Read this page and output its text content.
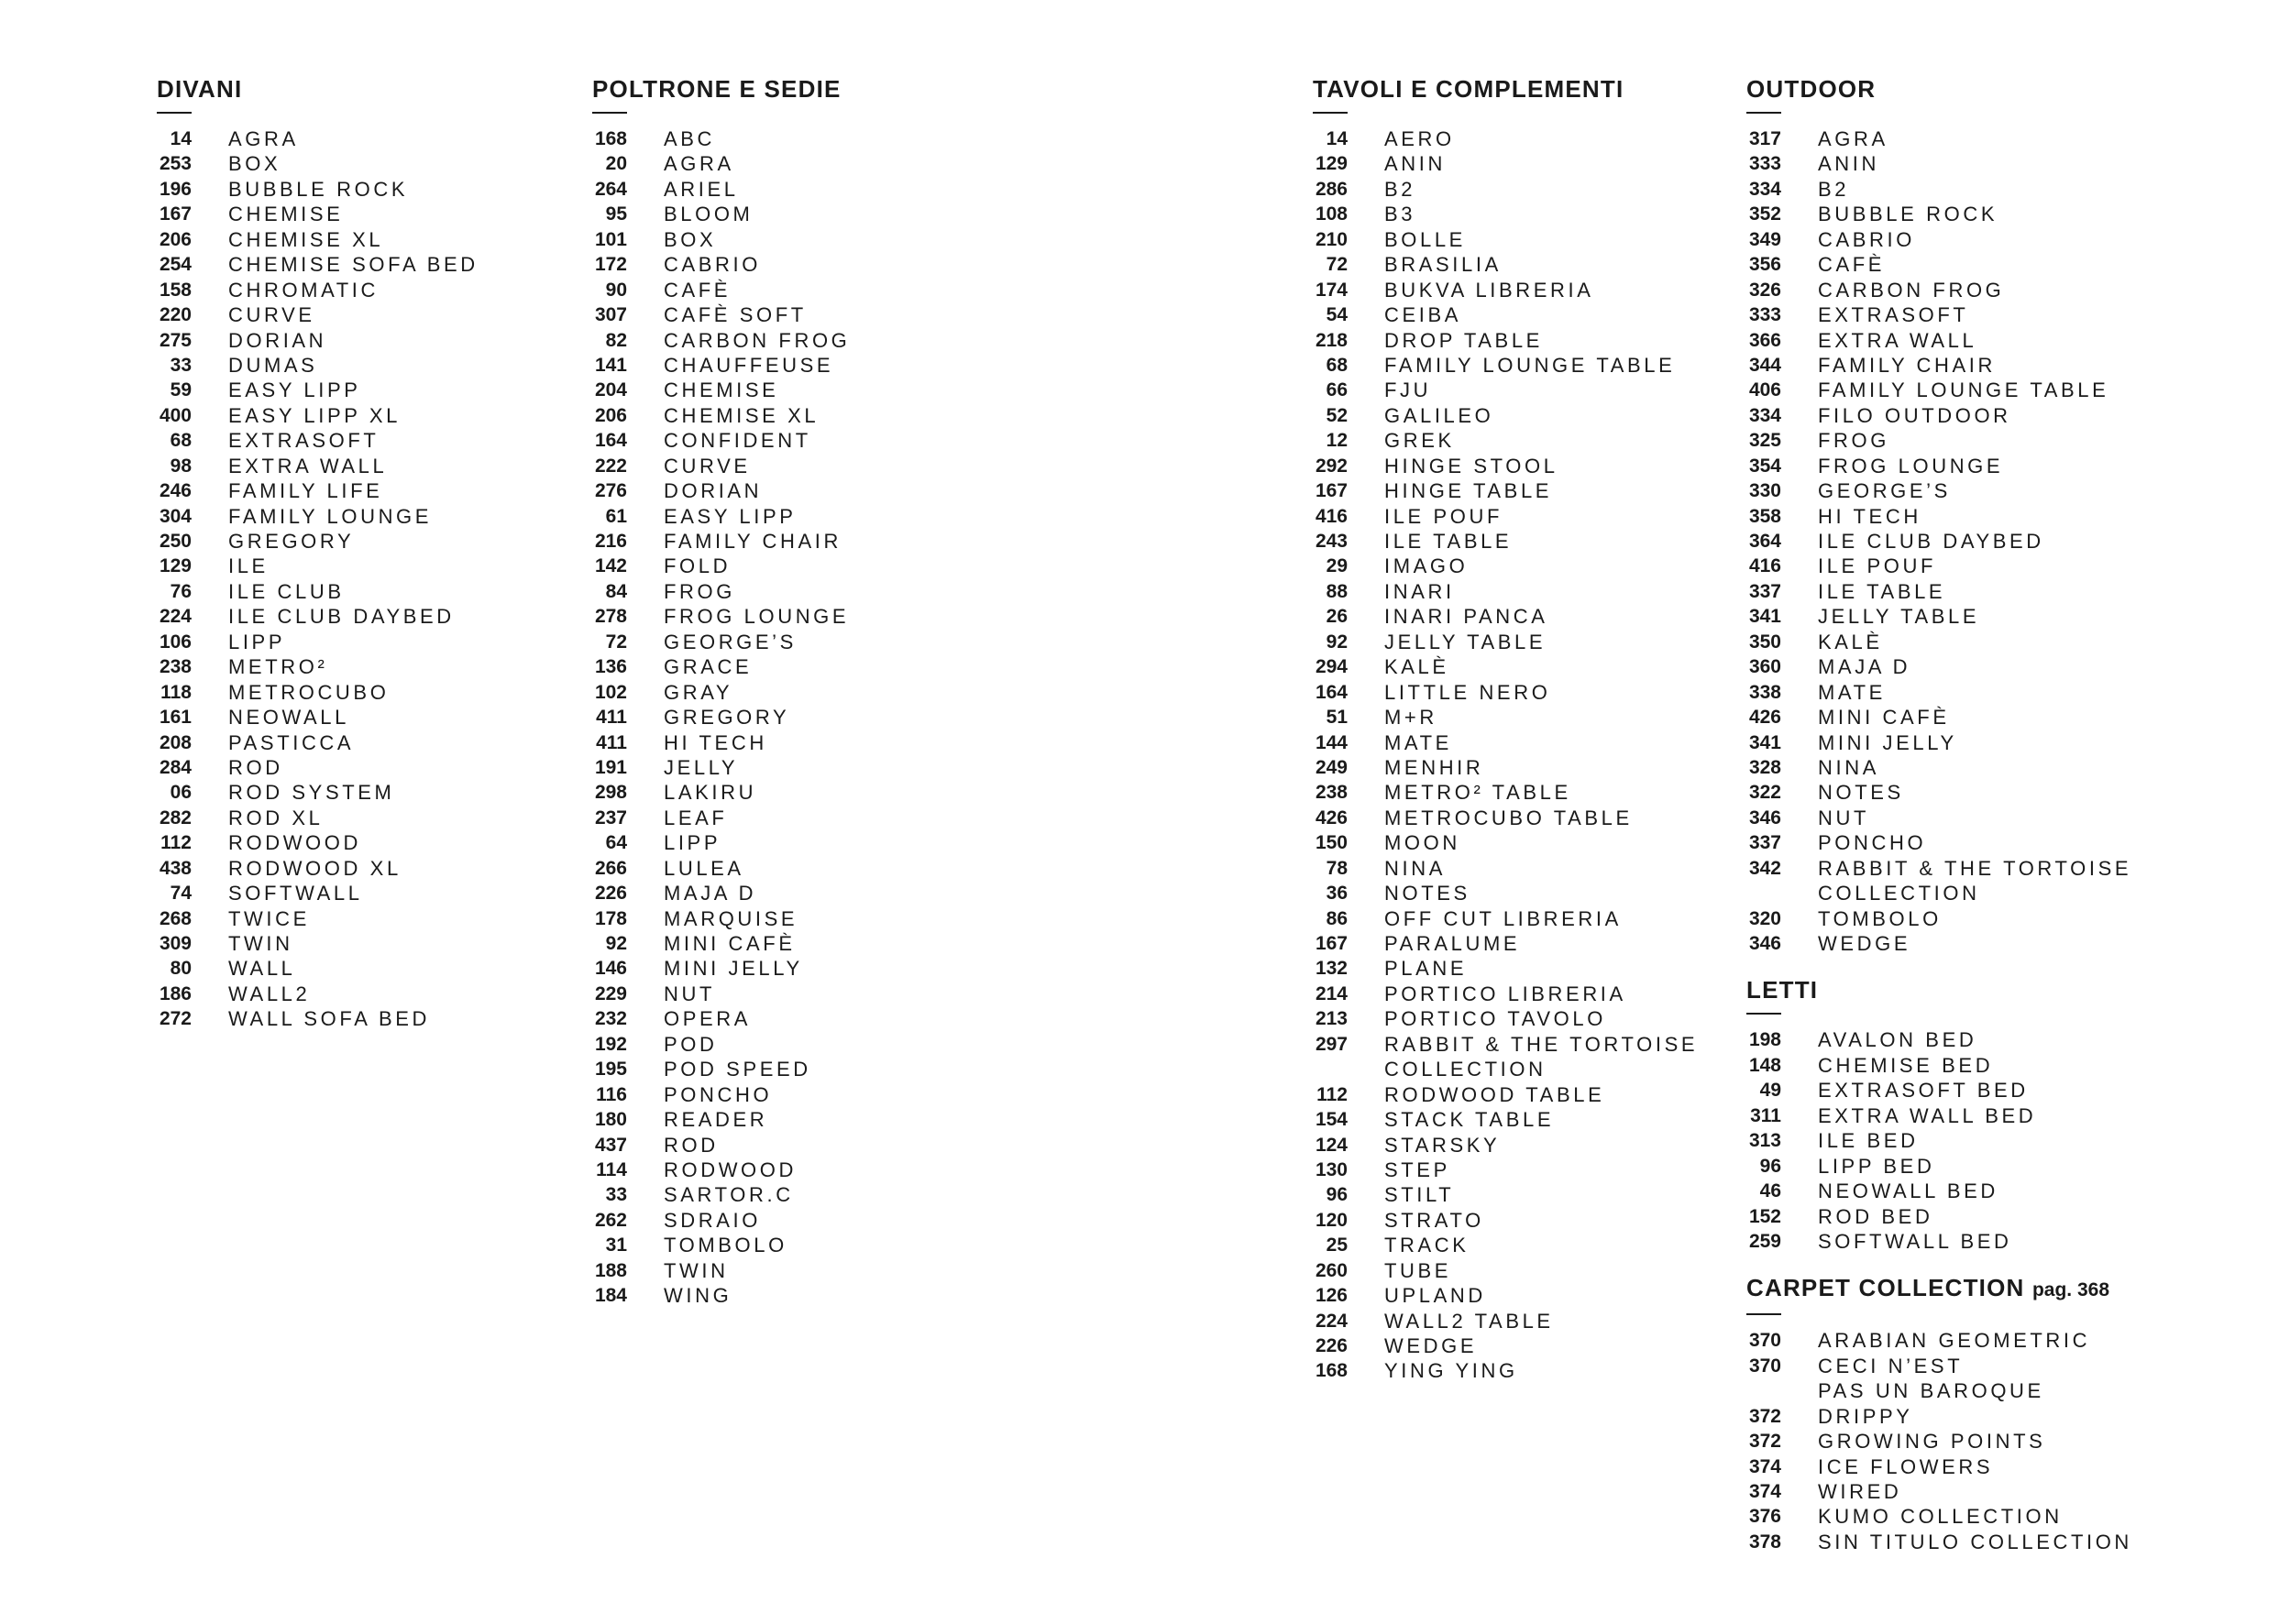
DIVANI
14 AGRA
253 BOX
196 BUBBLE ROCK
167 CHEMISE
206 CHEMISE XL
254 CHEMISE SOFA BED
158 CHROMATIC
220 CURVE
275 DORIAN
33 DUMAS
59 EASY LIPP
400 EASY LIPP XL
68 EXTRASOFT
98 EXTRA WALL
246 FAMILY LIFE
304 FAMILY LOUNGE
250 GREGORY
129 ILE
76 ILE CLUB
224 ILE CLUB DAYBED
106 LIPP
238 METRO²
118 METROCUBO
161 NEOWALL
208 PASTICCA
284 ROD
06 ROD SYSTEM
282 ROD XL
112 RODWOOD
438 RODWOOD XL
74 SOFTWALL
268 TWICE
309 TWIN
80 WALL
186 WALL2
272 WALL SOFA BED
POLTRONE E SEDIE
168 ABC
20 AGRA
264 ARIEL
95 BLOOM
101 BOX
172 CABRIO
90 CAFÈ
307 CAFÈ SOFT
82 CARBON FROG
141 CHAUFFEUSE
204 CHEMISE
206 CHEMISE XL
164 CONFIDENT
222 CURVE
276 DORIAN
61 EASY LIPP
216 FAMILY CHAIR
142 FOLD
84 FROG
278 FROG LOUNGE
72 GEORGE’S
136 GRACE
102 GRAY
411 GREGORY
411 HI TECH
191 JELLY
298 LAKIRU
237 LEAF
64 LIPP
266 LULEA
226 MAJA D
178 MARQUISE
92 MINI CAFÈ
146 MINI JELLY
229 NUT
232 OPERA
192 POD
195 POD SPEED
116 PONCHO
180 READER
437 ROD
114 RODWOOD
33 SARTOR.C
262 SDRAIO
31 TOMBOLO
188 TWIN
184 WING
TAVOLI E COMPLEMENTI
14 AERO
129 ANIN
286 B2
108 B3
210 BOLLE
72 BRASILIA
174 BUKVA LIBRERIA
54 CEIBA
218 DROP TABLE
68 FAMILY LOUNGE TABLE
66 FJU
52 GALILEO
12 GREK
292 HINGE STOOL
167 HINGE TABLE
416 ILE POUF
243 ILE TABLE
29 IMAGO
88 INARI
26 INARI PANCA
92 JELLY TABLE
294 KALÈ
164 LITTLE NERO
51 M+R
144 MATE
249 MENHIR
238 METRO² TABLE
426 METROCUBO TABLE
150 MOON
78 NINA
36 NOTES
86 OFF CUT LIBRERIA
167 PARALUME
132 PLANE
214 PORTICO LIBRERIA
213 PORTICO TAVOLO
297 RABBIT & THE TORTOISE
COLLECTION
112 RODWOOD TABLE
154 STACK TABLE
124 STARSKY
130 STEP
96 STILT
120 STRATO
25 TRACK
260 TUBE
126 UPLAND
224 WALL2 TABLE
226 WEDGE
168 YING YING
OUTDOOR
317 AGRA
333 ANIN
334 B2
352 BUBBLE ROCK
349 CABRIO
356 CAFÈ
326 CARBON FROG
333 EXTRASOFT
366 EXTRA WALL
344 FAMILY CHAIR
406 FAMILY LOUNGE TABLE
334 FILO OUTDOOR
325 FROG
354 FROG LOUNGE
330 GEORGE’S
358 HI TECH
364 ILE CLUB DAYBED
416 ILE POUF
337 ILE TABLE
341 JELLY TABLE
350 KALÈ
360 MAJA D
338 MATE
426 MINI CAFÈ
341 MINI JELLY
328 NINA
322 NOTES
346 NUT
337 PONCHO
342 RABBIT & THE TORTOISE
COLLECTION
320 TOMBOLO
346 WEDGE
LETTI
198 AVALON BED
148 CHEMISE BED
49 EXTRASOFT BED
311 EXTRA WALL BED
313 ILE BED
96 LIPP BED
46 NEOWALL BED
152 ROD BED
259 SOFTWALL BED
CARPET COLLECTION pag. 368
370 ARABIAN GEOMETRIC
370 CECI N’EST
PAS UN BAROQUE
372 DRIPPY
372 GROWING POINTS
374 ICE FLOWERS
374 WIRED
376 KUMO COLLECTION
378 SIN TITULO COLLECTION
